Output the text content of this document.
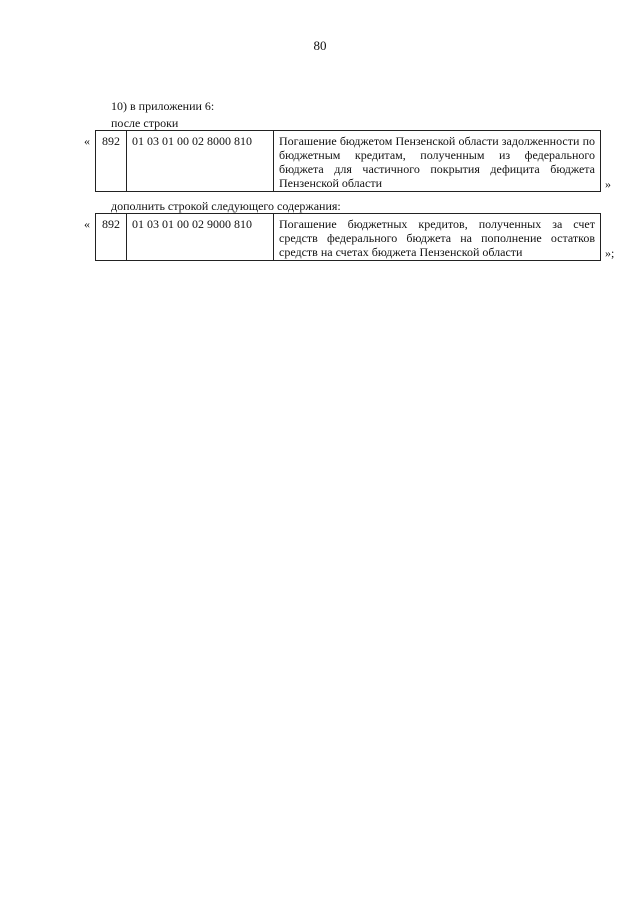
80
10) в приложении 6:
после строки
« 892	01 03 01 00 02 8000 810	Погашение бюджетом Пензенской области задолженности по бюджетным кредитам, полученным из федерального бюджета для частичного покрытия дефицита бюджета Пензенской области	»
дополнить строкой следующего содержания:
« 892	01 03 01 00 02 9000 810	Погашение бюджетных кредитов, полученных за счет средств федерального бюджета на пополнение остатков средств на счетах бюджета Пензенской области	»;
